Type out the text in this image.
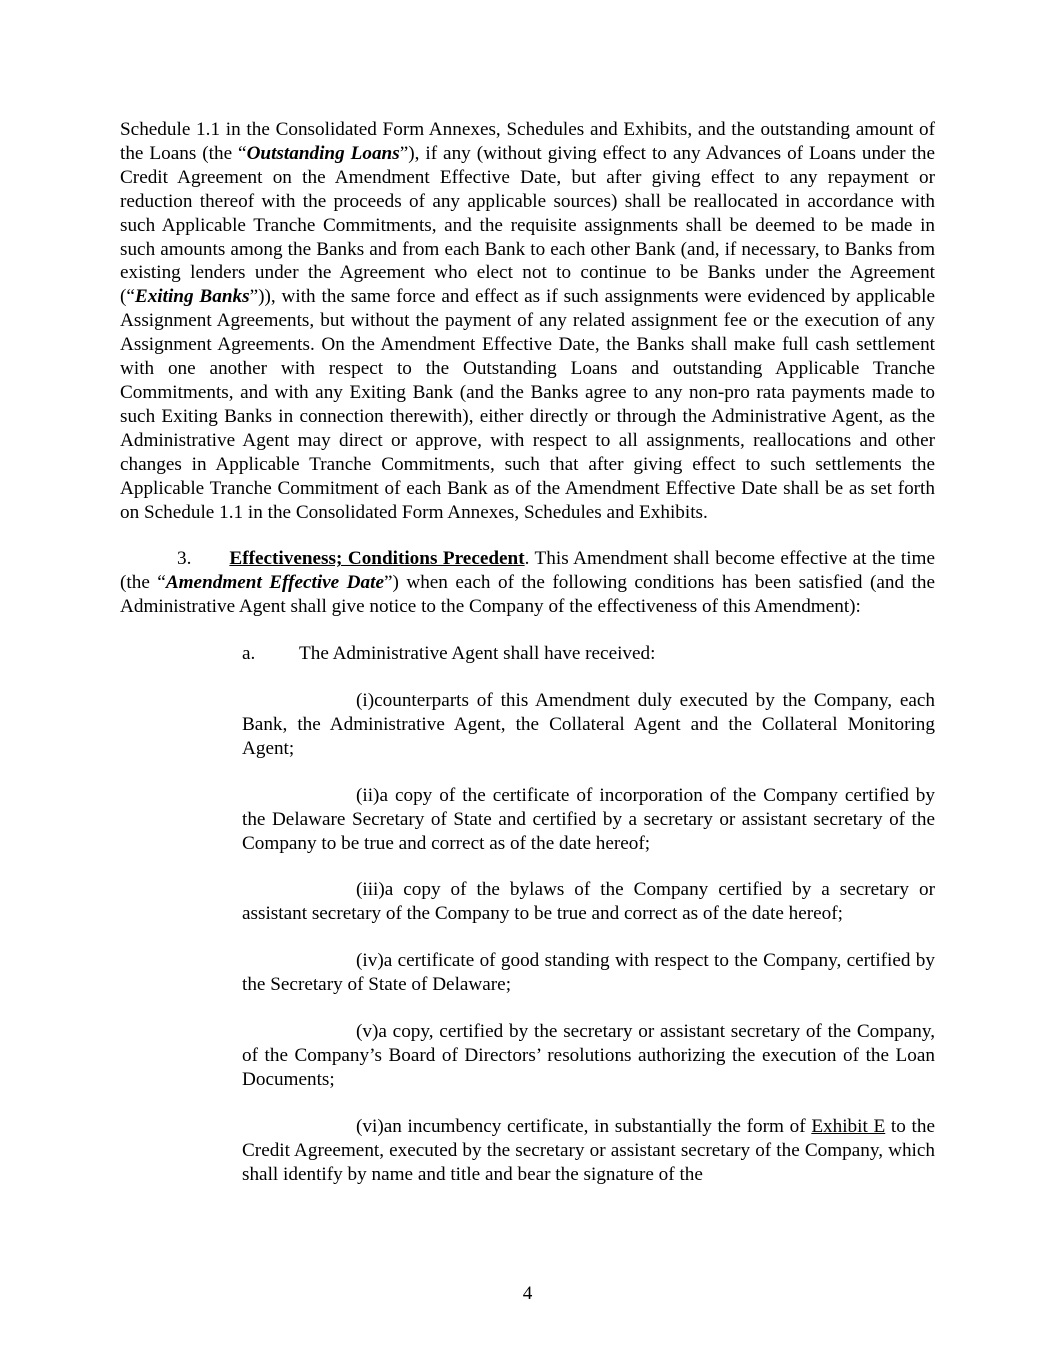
Schedule 1.1 in the Consolidated Form Annexes, Schedules and Exhibits, and the outstanding amount of the Loans (the “Outstanding Loans”), if any (without giving effect to any Advances of Loans under the Credit Agreement on the Amendment Effective Date, but after giving effect to any repayment or reduction thereof with the proceeds of any applicable sources) shall be reallocated in accordance with such Applicable Tranche Commitments, and the requisite assignments shall be deemed to be made in such amounts among the Banks and from each Bank to each other Bank (and, if necessary, to Banks from existing lenders under the Agreement who elect not to continue to be Banks under the Agreement (“Exiting Banks”)), with the same force and effect as if such assignments were evidenced by applicable Assignment Agreements, but without the payment of any related assignment fee or the execution of any Assignment Agreements. On the Amendment Effective Date, the Banks shall make full cash settlement with one another with respect to the Outstanding Loans and outstanding Applicable Tranche Commitments, and with any Exiting Bank (and the Banks agree to any non-pro rata payments made to such Exiting Banks in connection therewith), either directly or through the Administrative Agent, as the Administrative Agent may direct or approve, with respect to all assignments, reallocations and other changes in Applicable Tranche Commitments, such that after giving effect to such settlements the Applicable Tranche Commitment of each Bank as of the Amendment Effective Date shall be as set forth on Schedule 1.1 in the Consolidated Form Annexes, Schedules and Exhibits.

3. Effectiveness; Conditions Precedent. This Amendment shall become effective at the time (the “Amendment Effective Date”) when each of the following conditions has been satisfied (and the Administrative Agent shall give notice to the Company of the effectiveness of this Amendment):

a. The Administrative Agent shall have received:

(i)counterparts of this Amendment duly executed by the Company, each Bank, the Administrative Agent, the Collateral Agent and the Collateral Monitoring Agent;

(ii)a copy of the certificate of incorporation of the Company certified by the Delaware Secretary of State and certified by a secretary or assistant secretary of the Company to be true and correct as of the date hereof;

(iii)a copy of the bylaws of the Company certified by a secretary or assistant secretary of the Company to be true and correct as of the date hereof;

(iv)a certificate of good standing with respect to the Company, certified by the Secretary of State of Delaware;

(v)a copy, certified by the secretary or assistant secretary of the Company, of the Company’s Board of Directors’ resolutions authorizing the execution of the Loan Documents;

(vi)an incumbency certificate, in substantially the form of Exhibit E to the Credit Agreement, executed by the secretary or assistant secretary of the Company, which shall identify by name and title and bear the signature of the

4
